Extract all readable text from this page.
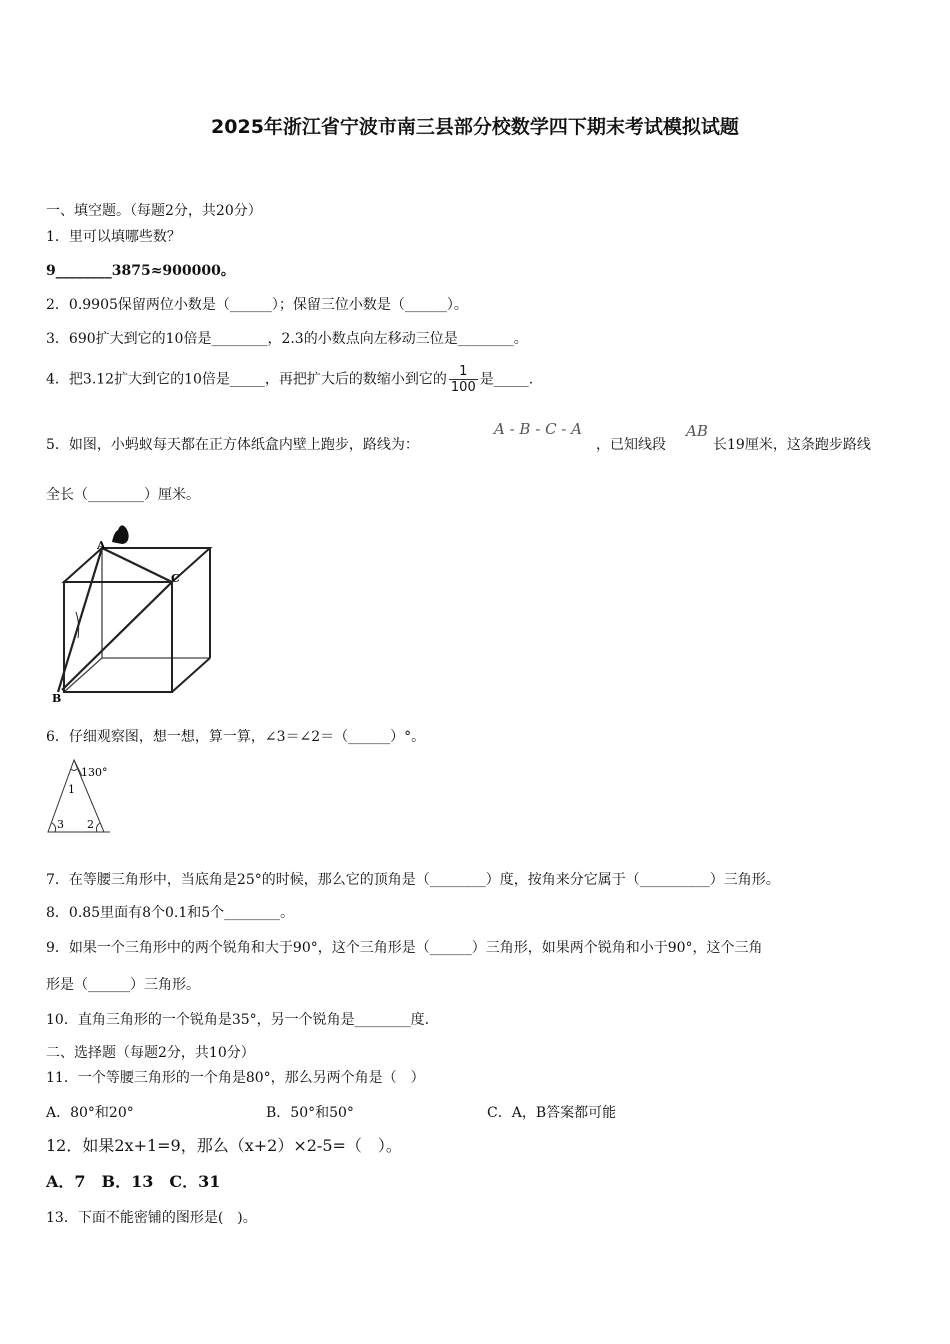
2025年浙江省宁波市南三县部分校数学四下期末考试模拟试题
一、填空题。（每题2分，共20分）
1．里可以填哪些数？
9________3875≈900000。
2．0.9905保留两位小数是（______）；保留三位小数是（______）。
3．690扩大到它的10倍是________，2.3的小数点向左移动三位是________。
4．把3.12扩大到它的10倍是_____，再把扩大后的数缩小到它的 $\frac{1}{100}$ 是_____.
5．如图，小蚂蚁每天都在正方体纸盒内壁上跑步，路线为：
A - B - C - A
，已知线段
AB
长19厘米，这条跑步路线
全长（________）厘米。
A
C
B
6．仔细观察图，想一想，算一算，∠3＝∠2＝（______）°。
130°
1
3 2
7．在等腰三角形中，当底角是25°的时候，那么它的顶角是（________）度，按角来分它属于（__________）三角形。
8．0.85里面有8个0.1和5个________。
9．如果一个三角形中的两个锐角和大于90°，这个三角形是（______）三角形，如果两个锐角和小于90°，这个三角
形是（______）三角形。
10．直角三角形的一个锐角是35°，另一个锐角是________度.
二、选择题（每题2分，共10分）
11．一个等腰三角形的一个角是80°，那么另两个角是（　）
A．80°和20°	B．50°和50°	C．A，B答案都可能
12．如果2x+1=9，那么（x+2）×2-5=（　）。
A．7　B．13　C．31
13．下面不能密铺的图形是(　)。
